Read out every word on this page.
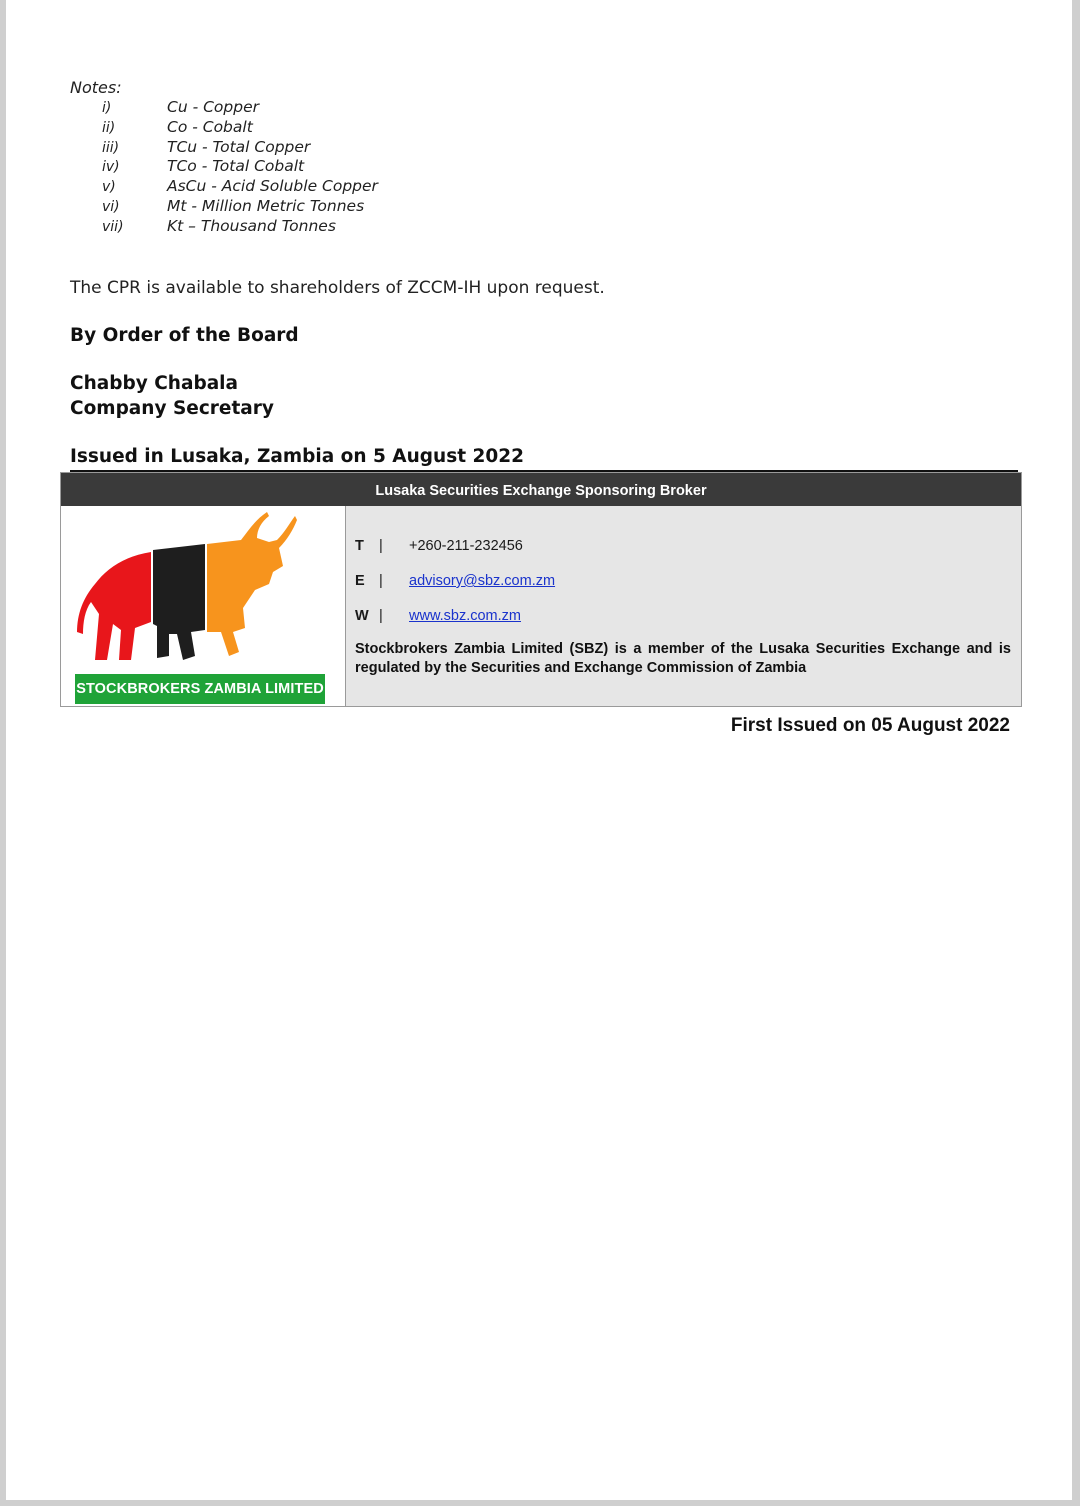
Notes:
i)	Cu - Copper
ii)	Co - Cobalt
iii)	TCu - Total Copper
iv)	TCo - Total Cobalt
v)	AsCu - Acid Soluble Copper
vi)	Mt - Million Metric Tonnes
vii)	Kt – Thousand Tonnes
The CPR is available to shareholders of ZCCM-IH upon request.
By Order of the Board
Chabby Chabala
Company Secretary
Issued in Lusaka, Zambia on 5 August 2022
Lusaka Securities Exchange Sponsoring Broker
STOCKBROKERS ZAMBIA LIMITED
T | +260-211-232456
E | advisory@sbz.com.zm
W | www.sbz.com.zm
Stockbrokers Zambia Limited (SBZ) is a member of the Lusaka Securities Exchange and is regulated by the Securities and Exchange Commission of Zambia
First Issued on 05 August 2022
